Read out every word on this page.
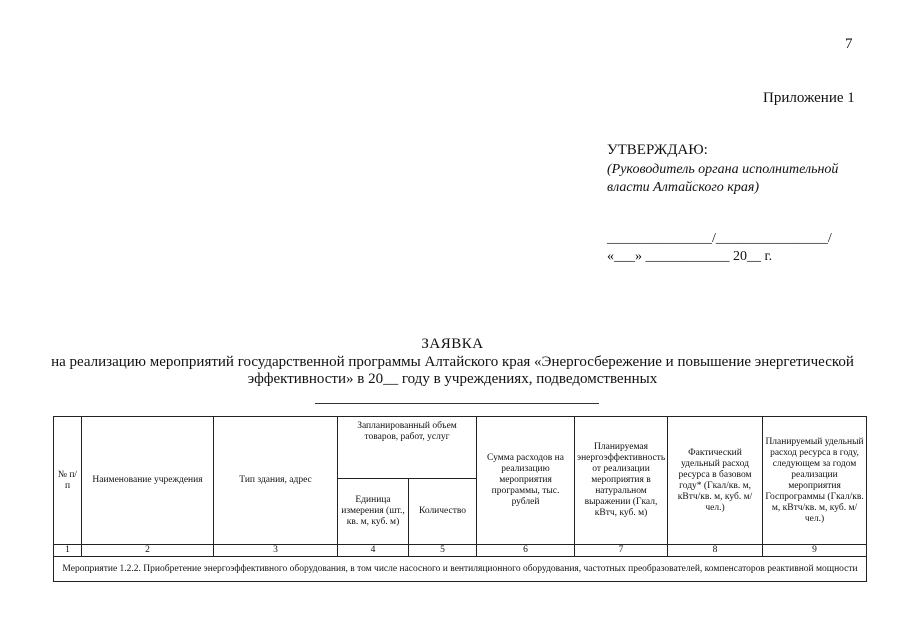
7
Приложение 1
УТВЕРЖДАЮ:
(Руководитель органа исполнительной власти Алтайского края)
_______________/________________/
«___» ____________ 20__ г.
ЗАЯВКА
на реализацию мероприятий государственной программы Алтайского края «Энергосбережение и повышение энергетической эффективности» в 20__ году в учреждениях, подведомственных
№ п/п	Наименование учреждения	Тип здания, адрес	Запланированный объем товаров, работ, услуг		Сумма расходов на реализацию мероприятия программы, тыс. рублей	Планируемая энергоэффективность от реализации мероприятия в натуральном выражении (Гкал, кВтч, куб. м)	Фактический удельный расход ресурса в базовом году* (Гкал/кв. м, кВтч/кв. м, куб. м/ чел.)	Планируемый удельный расход ресурса в году, следующем за годом реализации мероприятия Госпрограммы (Гкал/кв. м, кВтч/кв. м, куб. м/ чел.)
			Единица измерения (шт., кв. м, куб. м)	Количество				
1	2	3	4	5	6	7	8	9
Мероприятие 1.2.2. Приобретение энергоэффективного оборудования, в том числе насосного и вентиляционного оборудования, частотных преобразователей, компенсаторов реактивной мощности								
